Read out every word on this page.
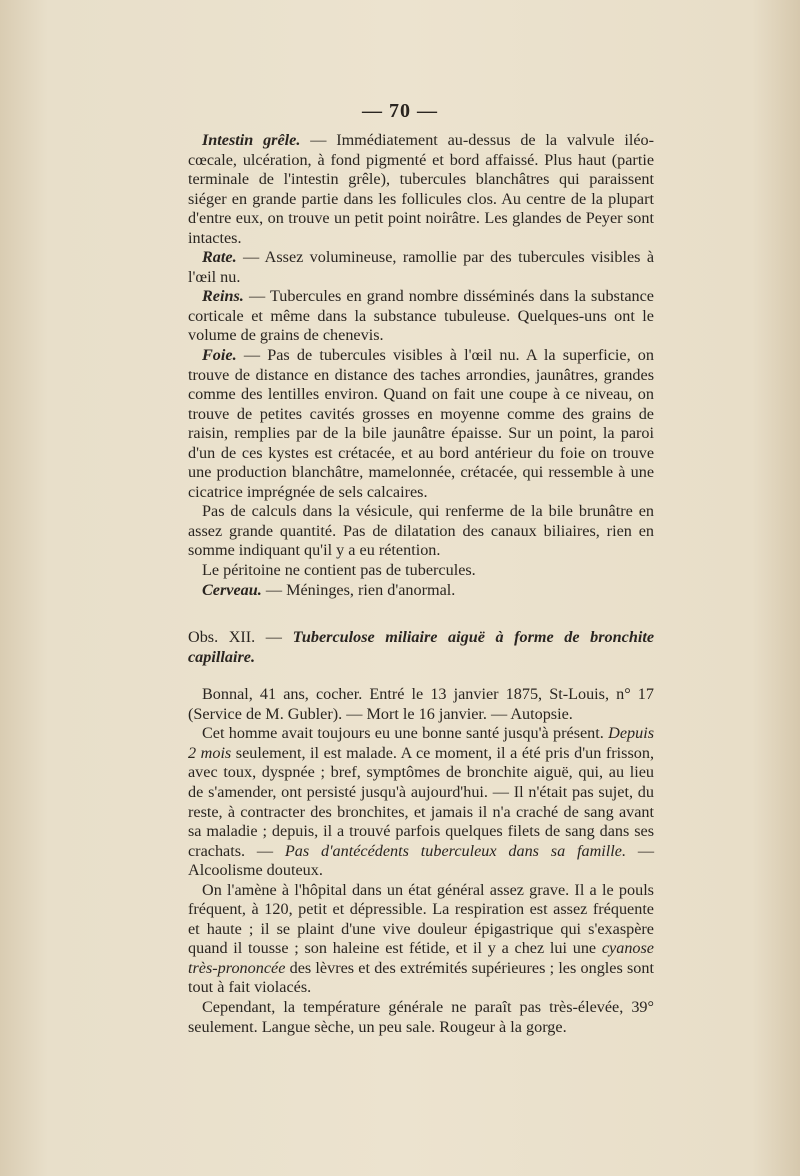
— 70 —

Intestin grêle. — Immédiatement au-dessus de la valvule iléo-cœcale, ulcération, à fond pigmenté et bord affaissé. Plus haut (partie terminale de l'intestin grêle), tubercules blanchâtres qui paraissent siéger en grande partie dans les follicules clos. Au centre de la plupart d'entre eux, on trouve un petit point noirâtre. Les glandes de Peyer sont intactes.

Rate. — Assez volumineuse, ramollie par des tubercules visibles à l'œil nu.

Reins. — Tubercules en grand nombre disséminés dans la substance corticale et même dans la substance tubuleuse. Quelques-uns ont le volume de grains de chenevis.

Foie. — Pas de tubercules visibles à l'œil nu. A la superficie, on trouve de distance en distance des taches arrondies, jaunâtres, grandes comme des lentilles environ. Quand on fait une coupe à ce niveau, on trouve de petites cavités grosses en moyenne comme des grains de raisin, remplies par de la bile jaunâtre épaisse. Sur un point, la paroi d'un de ces kystes est crétacée, et au bord antérieur du foie on trouve une production blanchâtre, mamelonnée, crétacée, qui ressemble à une cicatrice imprégnée de sels calcaires.

Pas de calculs dans la vésicule, qui renferme de la bile brunâtre en assez grande quantité. Pas de dilatation des canaux biliaires, rien en somme indiquant qu'il y a eu rétention.

Le péritoine ne contient pas de tubercules.

Cerveau. — Méninges, rien d'anormal.

Obs. XII. — Tuberculose miliaire aiguë à forme de bronchite capillaire.

Bonnal, 41 ans, cocher. Entré le 13 janvier 1875, St-Louis, n° 17 (Service de M. Gubler). — Mort le 16 janvier. — Autopsie.

Cet homme avait toujours eu une bonne santé jusqu'à présent. Depuis 2 mois seulement, il est malade. A ce moment, il a été pris d'un frisson, avec toux, dyspnée ; bref, symptômes de bronchite aiguë, qui, au lieu de s'amender, ont persisté jusqu'à aujourd'hui. — Il n'était pas sujet, du reste, à contracter des bronchites, et jamais il n'a craché de sang avant sa maladie ; depuis, il a trouvé parfois quelques filets de sang dans ses crachats. — Pas d'antécédents tuberculeux dans sa famille. — Alcoolisme douteux.

On l'amène à l'hôpital dans un état général assez grave. Il a le pouls fréquent, à 120, petit et dépressible. La respiration est assez fréquente et haute ; il se plaint d'une vive douleur épigastrique qui s'exaspère quand il tousse ; son haleine est fétide, et il y a chez lui une cyanose très-prononcée des lèvres et des extrémités supérieures ; les ongles sont tout à fait violacés.

Cependant, la température générale ne paraît pas très-élevée, 39° seulement. Langue sèche, un peu sale. Rougeur à la gorge.
